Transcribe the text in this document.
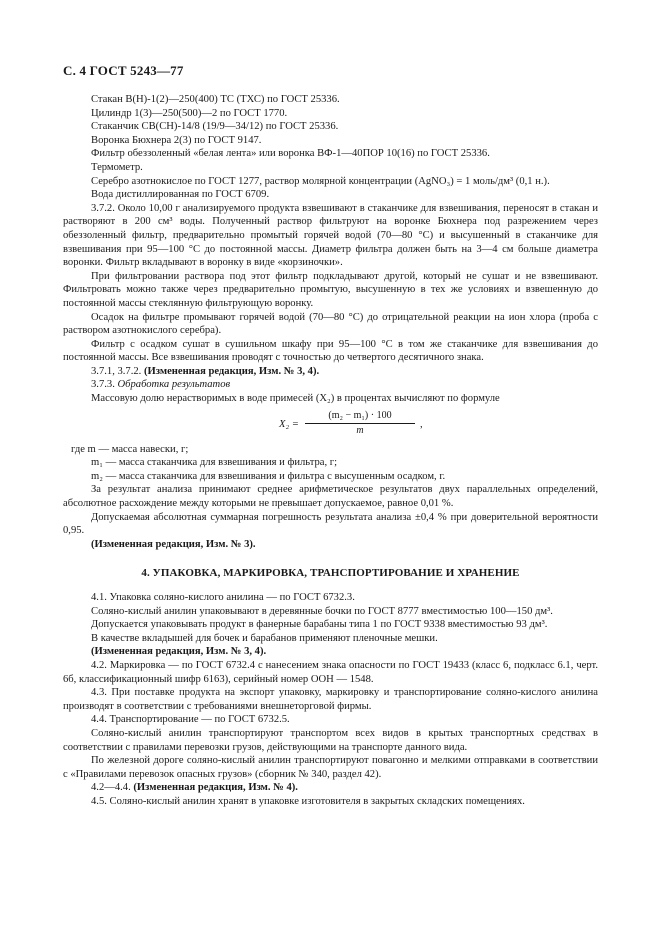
С. 4 ГОСТ 5243—77

Стакан В(Н)-1(2)—250(400) ТС (ТХС) по ГОСТ 25336.

Цилиндр 1(3)—250(500)—2 по ГОСТ 1770.

Стаканчик СВ(СН)-14/8 (19/9—34/12) по ГОСТ 25336.

Воронка Бюхнера 2(3) по ГОСТ 9147.

Фильтр обеззоленный «белая лента» или воронка ВФ-1—40ПОР 10(16) по ГОСТ 25336.

Термометр.

Серебро азотнокислое по ГОСТ 1277, раствор молярной концентрации (AgNO₃) = 1 моль/дм³ (0,1 н.).

Вода дистиллированная по ГОСТ 6709.

3.7.2. Около 10,00 г анализируемого продукта взвешивают в стаканчике для взвешивания, переносят в стакан и растворяют в 200 см³ воды. Полученный раствор фильтруют на воронке Бюхнера под разрежением через обеззоленный фильтр, предварительно промытый горячей водой (70—80 °С) и высушенный в стаканчике для взвешивания при 95—100 °С до постоянной массы. Диаметр фильтра должен быть на 3—4 см больше диаметра воронки. Фильтр вкладывают в воронку в виде «корзиночки».

При фильтровании раствора под этот фильтр подкладывают другой, который не сушат и не взвешивают. Фильтровать можно также через предварительно промытую, высушенную в тех же условиях и взвешенную до постоянной массы стеклянную фильтрующую воронку.

Осадок на фильтре промывают горячей водой (70—80 °С) до отрицательной реакции на ион хлора (проба с раствором азотнокислого серебра).

Фильтр с осадком сушат в сушильном шкафу при 95—100 °С в том же стаканчике для взвешивания до постоянной массы. Все взвешивания проводят с точностью до четвертого десятичного знака.

3.7.1, 3.7.2. (Измененная редакция, Изм. № 3, 4).

3.7.3. Обработка результатов

Массовую долю нерастворимых в воде примесей (X₂) в процентах вычисляют по формуле

$X_2 = \frac{\text{(m₂ − m₁) · 100}}{m}$ ,

где m — масса навески, г;

m₁ — масса стаканчика для взвешивания и фильтра, г;

m₂ — масса стаканчика для взвешивания и фильтра с высушенным осадком, г.

За результат анализа принимают среднее арифметическое результатов двух параллельных определений, абсолютное расхождение между которыми не превышает допускаемое, равное 0,01 %.

Допускаемая абсолютная суммарная погрешность результата анализа ±0,4 % при доверительной вероятности 0,95.

(Измененная редакция, Изм. № 3).

4. УПАКОВКА, МАРКИРОВКА, ТРАНСПОРТИРОВАНИЕ И ХРАНЕНИЕ

4.1. Упаковка соляно-кислого анилина — по ГОСТ 6732.3.

Соляно-кислый анилин упаковывают в деревянные бочки по ГОСТ 8777 вместимостью 100—150 дм³.

Допускается упаковывать продукт в фанерные барабаны типа 1 по ГОСТ 9338 вместимостью 93 дм³.

В качестве вкладышей для бочек и барабанов применяют пленочные мешки.

(Измененная редакция, Изм. № 3, 4).

4.2. Маркировка — по ГОСТ 6732.4 с нанесением знака опасности по ГОСТ 19433 (класс 6, подкласс 6.1, черт. 6б, классификационный шифр 6163), серийный номер ООН — 1548.

4.3. При поставке продукта на экспорт упаковку, маркировку и транспортирование соляно-кислого анилина производят в соответствии с требованиями внешнеторговой фирмы.

4.4. Транспортирование — по ГОСТ 6732.5.

Соляно-кислый анилин транспортируют транспортом всех видов в крытых транспортных средствах в соответствии с правилами перевозки грузов, действующими на транспорте данного вида.

По железной дороге соляно-кислый анилин транспортируют повагонно и мелкими отправками в соответствии с «Правилами перевозок опасных грузов» (сборник № 340, раздел 42).

4.2—4.4. (Измененная редакция, Изм. № 4).

4.5. Соляно-кислый анилин хранят в упаковке изготовителя в закрытых складских помещениях.
